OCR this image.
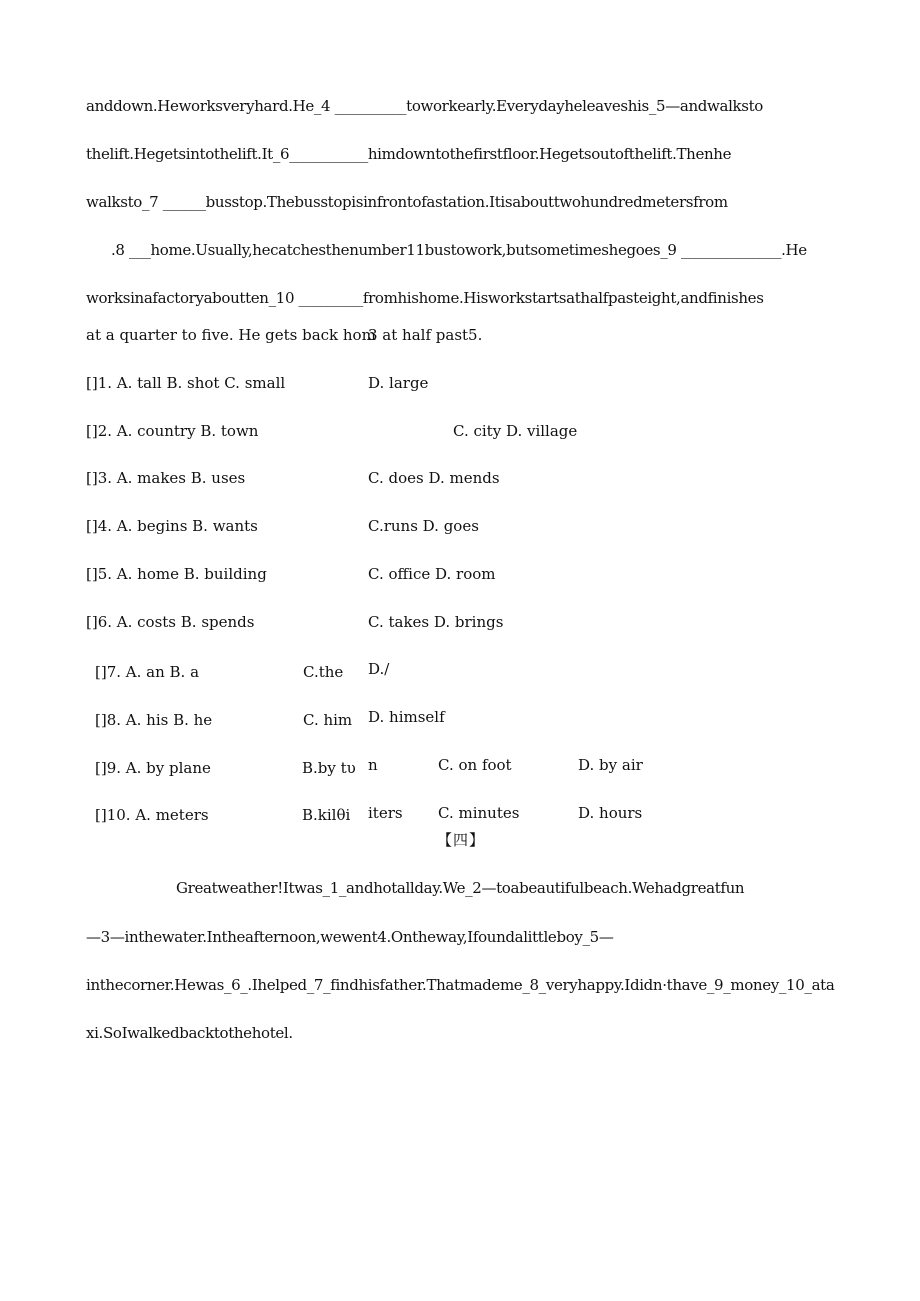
anddown.Heworksveryhard.He_4 __________toworkearly.Everydayheleaveshis_5—andwalksto
thelift.Hegetsintothelift.It_6___________himdowntothefirstfloor.Hegetsoutofthelift.Thenhe
walksto_7 ______busstop.Thebusstopisinfrontofastation.Itisabouttwohundredmetersfrom
.8 ___home.Usually,hecatchesthenumber11bustowork,butsometimeshegoes_9 ______________.He
worksinafactoryaboutten_10 _________fromhishome.Hisworkstartsathalfpasteight,andfinishes
at a quarter to five. He gets back hom
3 at half past5.
[]1. A. tall B. shot C. small	D. large
[]2. A. country B. town	C. city D. village
[]3. A. makes B. uses	C. does D. mends
[]4. A. begins B. wants	C.runs D. goes
[]5. A. home B. building	C. office D. room
[]6. A. costs B. spends	C. takes D. brings
[]7. A. an B. a	C.the D./
[]8. A. his B. he	C. him D. himself
[]9. A. by plane	B.by tυ n	C. on foot	D. by air
[]10. A. meters	B.kilθi iters C. minutes	D. hours
【四】
Greatweather!Itwas_1_andhotallday.We_2—toabeautifulbeach.Wehadgreatfun
—3—inthewater.Intheafternoon,wewent4.Ontheway,Ifoundalittleboy_5—
inthecorner.Hewas_6_.Ihelped_7_findhisfather.Thatmademe_8_veryhappy.Ididn·thave_9_money_10_ata
xi.SoIwalkedbacktothehotel.
